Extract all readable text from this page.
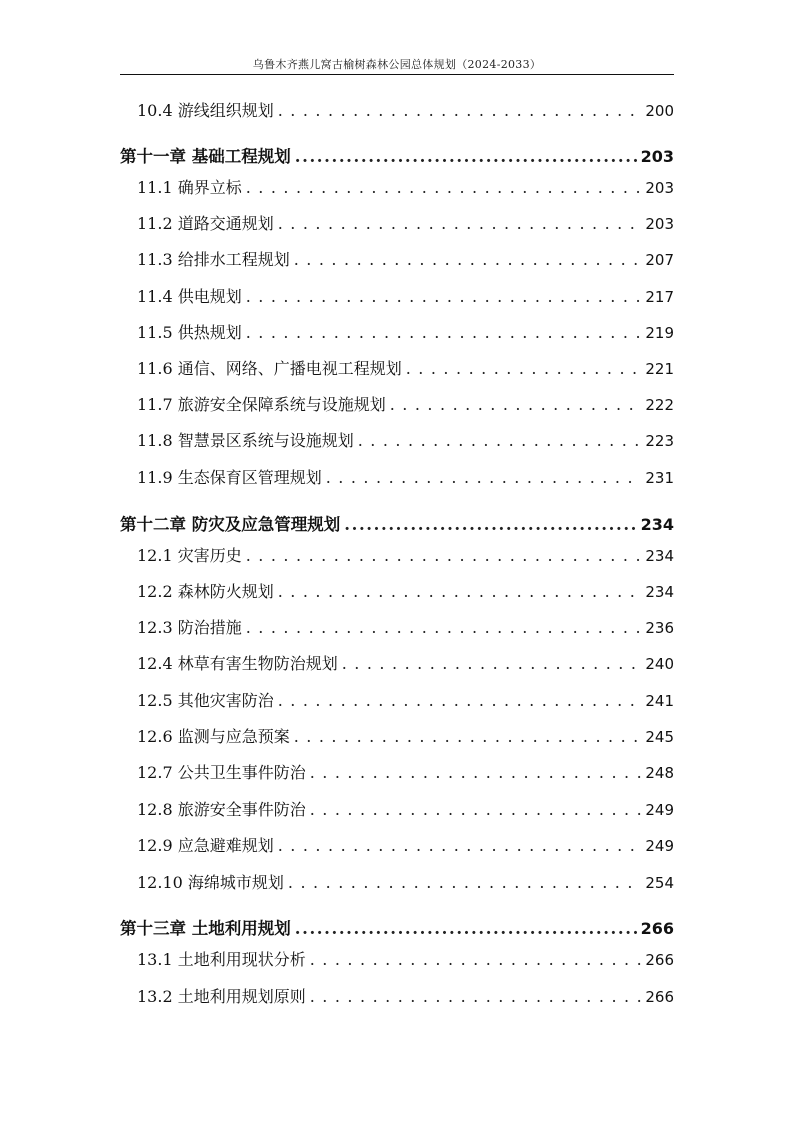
乌鲁木齐燕儿窝古榆树森林公园总体规划（2024-2033）
10.4 游线组织规划 . . .	200
第十一章 基础工程规划 .....	203
11.1 确界立标 . . .	203
11.2 道路交通规划 . . .	203
11.3 给排水工程规划 . . .	207
11.4 供电规划 . . .	217
11.5 供热规划 . . .	219
11.6 通信、网络、广播电视工程规划 . . .	221
11.7 旅游安全保障系统与设施规划 . . .	222
11.8 智慧景区系统与设施规划 . . .	223
11.9 生态保育区管理规划 . . .	231
第十二章 防灾及应急管理规划 .....	234
12.1 灾害历史 . . .	234
12.2 森林防火规划 . . .	234
12.3 防治措施 . . .	236
12.4 林草有害生物防治规划 . . .	240
12.5 其他灾害防治 . . .	241
12.6 监测与应急预案 . . .	245
12.7 公共卫生事件防治 . . .	248
12.8 旅游安全事件防治 . . .	249
12.9 应急避难规划 . . .	249
12.10 海绵城市规划 . . .	254
第十三章 土地利用规划 .....	266
13.1 土地利用现状分析 . . .	266
13.2 土地利用规划原则 . . .	266
